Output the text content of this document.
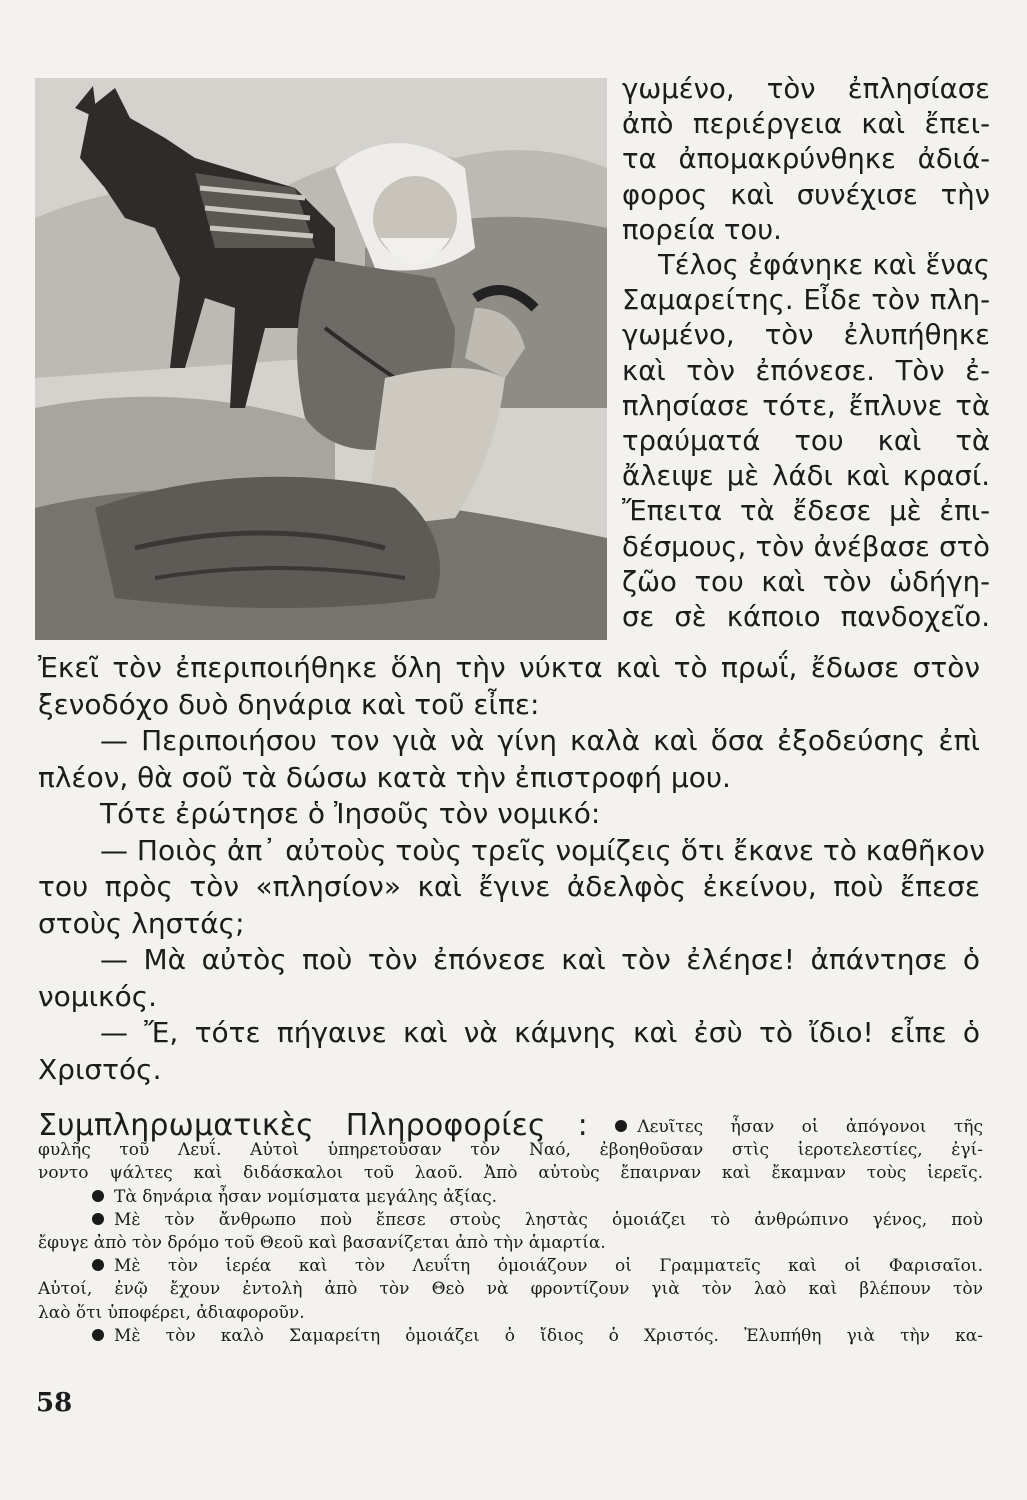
γωμένο, τὸν ἐπλησίασε
ἀπὸ περιέργεια καὶ ἔπει-
τα ἀπομακρύνθηκε ἀδιά-
φορος καὶ συνέχισε τὴν
πορεία του.
Τέλος ἐφάνηκε καὶ ἕνας
Σαμαρείτης. Εἶδε τὸν πλη-
γωμένο, τὸν ἐλυπήθηκε
καὶ τὸν ἐπόνεσε. Τὸν ἐ-
πλησίασε τότε, ἔπλυνε τὰ
τραύματά του καὶ τὰ
ἄλειψε μὲ λάδι καὶ κρασί.
Ἔπειτα τὰ ἔδεσε μὲ ἐπι-
δέσμους, τὸν ἀνέβασε στὸ
ζῶο του καὶ τὸν ὡδήγη-
σε σὲ κάποιο πανδοχεῖο.
Ἐκεῖ τὸν ἐπεριποιήθηκε ὅλη τὴν νύκτα καὶ τὸ πρωΐ, ἔδωσε στὸν
ξενοδόχο δυὸ δηνάρια καὶ τοῦ εἶπε:
— Περιποιήσου τον γιὰ νὰ γίνη καλὰ καὶ ὅσα ἐξοδεύσης ἐπὶ
πλέον, θὰ σοῦ τὰ δώσω κατὰ τὴν ἐπιστροφή μου.
Τότε ἐρώτησε ὁ Ἰησοῦς τὸν νομικό:
— Ποιὸς ἀπ᾽ αὐτοὺς τοὺς τρεῖς νομίζεις ὅτι ἔκανε τὸ καθῆκον
του πρὸς τὸν «πλησίον» καὶ ἔγινε ἀδελφὸς ἐκείνου, ποὺ ἔπεσε
στοὺς ληστάς;
— Μὰ αὐτὸς ποὺ τὸν ἐπόνεσε καὶ τὸν ἐλέησε! ἀπάντησε ὁ
νομικός.
— Ἔ, τότε πήγαινε καὶ νὰ κάμνης καὶ ἐσὺ τὸ ἴδιο! εἶπε ὁ
Χριστός.
Συμπληρωματικὲς Πληροφορίες :	Λευῖτες ἦσαν οἱ ἀπόγονοι τῆς
φυλῆς τοῦ Λευΐ. Αὐτοὶ ὑπηρετοῦσαν τὸν Ναό, ἐβοηθοῦσαν στὶς ἱεροτελεστίες, ἐγί-
νοντο ψάλτες καὶ διδάσκαλοι τοῦ λαοῦ. Ἀπὸ αὐτοὺς ἔπαιρναν καὶ ἔκαμναν τοὺς ἱερεῖς.
Τὰ δηνάρια ἦσαν νομίσματα μεγάλης ἀξίας.
Μὲ τὸν ἄνθρωπο ποὺ ἔπεσε στοὺς ληστὰς ὁμοιάζει τὸ ἀνθρώπινο γένος, ποὺ
ἔφυγε ἀπὸ τὸν δρόμο τοῦ Θεοῦ καὶ βασανίζεται ἀπὸ τὴν ἁμαρτία.
Μὲ τὸν ἱερέα καὶ τὸν Λευΐτη ὁμοιάζουν οἱ Γραμματεῖς καὶ οἱ Φαρισαῖοι.
Αὐτοί, ἐνῷ ἔχουν ἐντολὴ ἀπὸ τὸν Θεὸ νὰ φροντίζουν γιὰ τὸν λαὸ καὶ βλέπουν τὸν
λαὸ ὅτι ὑποφέρει, ἀδιαφοροῦν.
Μὲ τὸν καλὸ Σαμαρείτη ὁμοιάζει ὁ ἴδιος ὁ Χριστός. Ἐλυπήθη γιὰ τὴν κα-
58
